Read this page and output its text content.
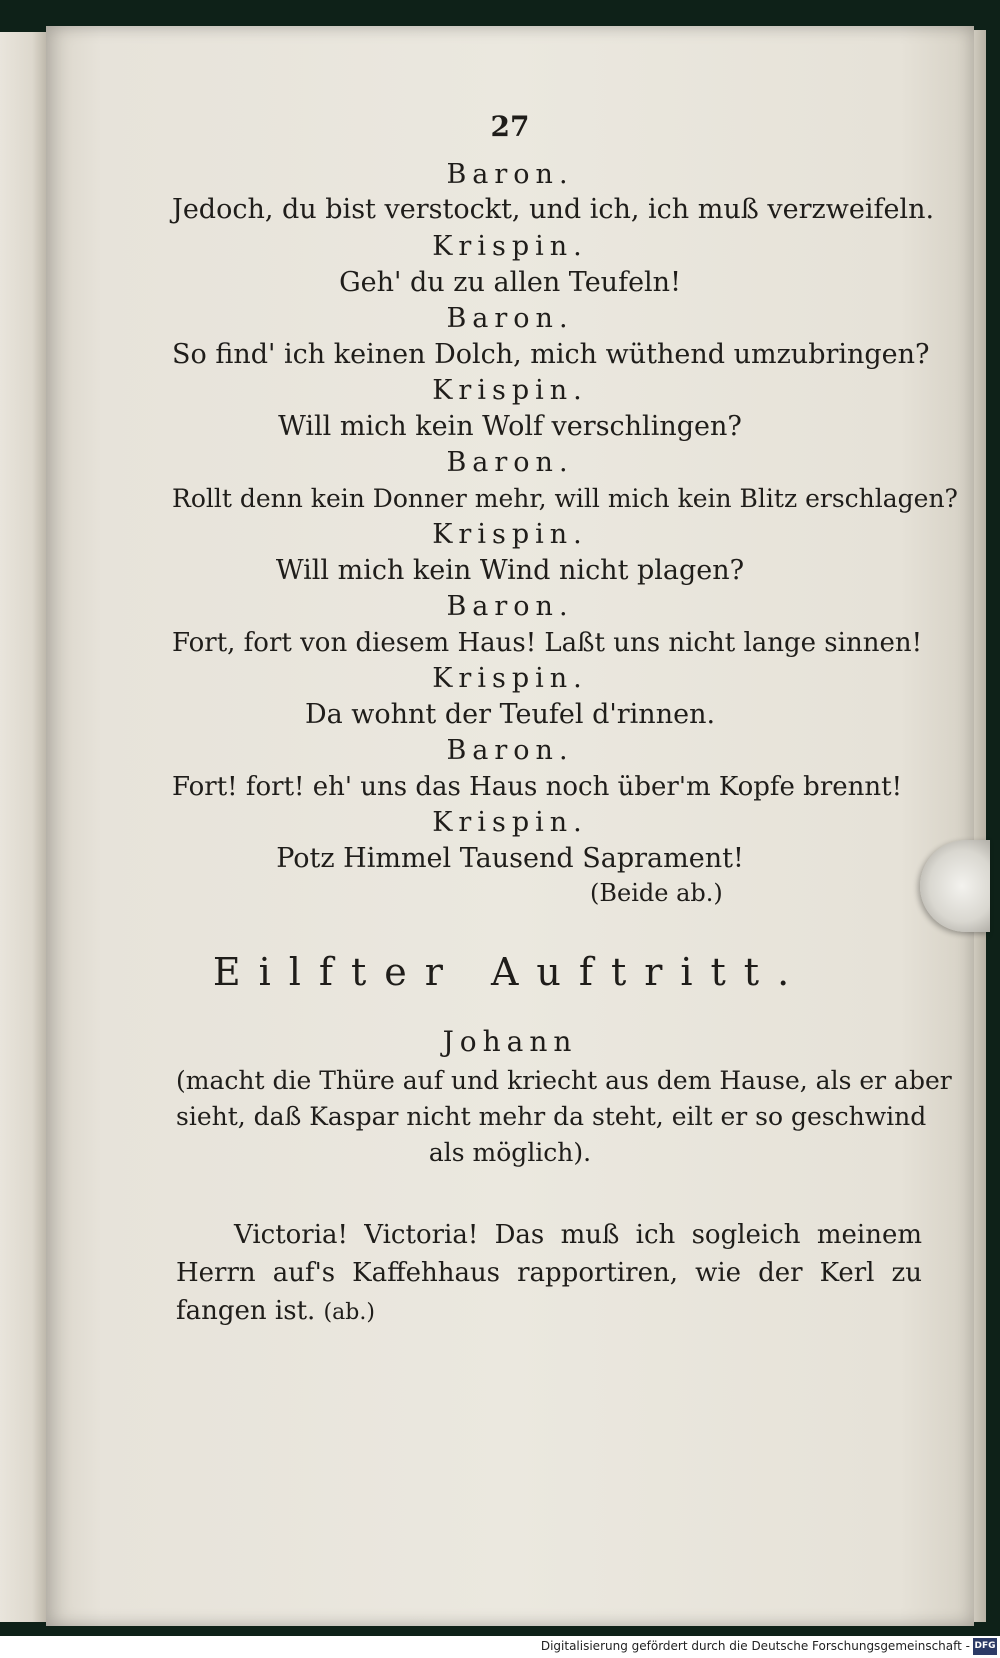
27
Baron.
Jedoch, du bist verstockt, und ich, ich muß verzweifeln.
Krispin.
Geh' du zu allen Teufeln!
Baron.
So find' ich keinen Dolch, mich wüthend umzubringen?
Krispin.
Will mich kein Wolf verschlingen?
Baron.
Rollt denn kein Donner mehr, will mich kein Blitz erschlagen?
Krispin.
Will mich kein Wind nicht plagen?
Baron.
Fort, fort von diesem Haus! Laßt uns nicht lange sinnen!
Krispin.
Da wohnt der Teufel d'rinnen.
Baron.
Fort! fort! eh' uns das Haus noch über'm Kopfe brennt!
Krispin.
Potz Himmel Tausend Saprament!
(Beide ab.)
Eilfter Auftritt.
Johann
(macht die Thüre auf und kriecht aus dem Hause, als er aber
sieht, daß Kaspar nicht mehr da steht, eilt er so geschwind
als möglich).
Victoria! Victoria! Das muß ich sogleich meinem
Herrn auf's Kaffehhaus rapportiren, wie der Kerl zu
fangen ist. (ab.)
Digitalisierung gefördert durch die Deutsche Forschungsgemeinschaft - DFG
